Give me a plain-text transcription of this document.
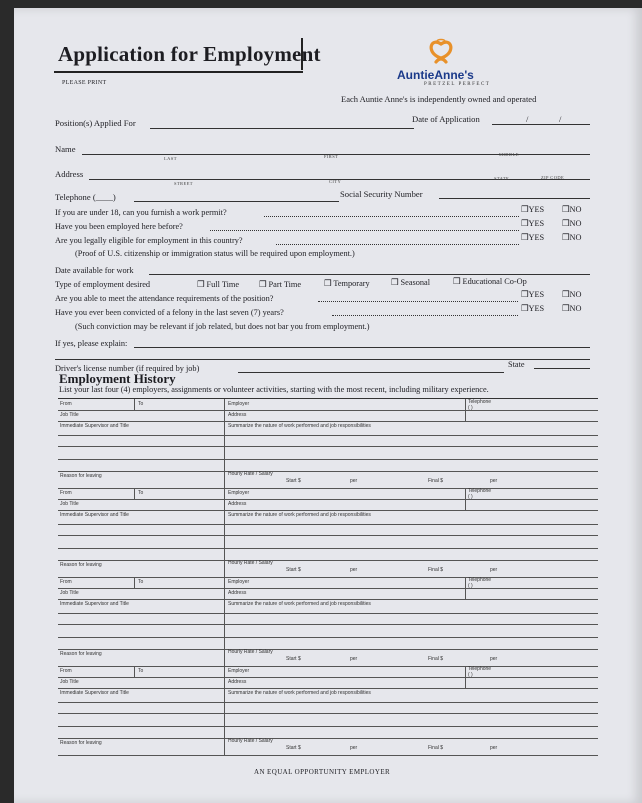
Application for Employment
PLEASE PRINT
AuntieAnne's
PRETZEL PERFECT
Each Auntie Anne's is independently owned and operated
Position(s) Applied For	Date of Application	/	/
Name
LAST	FIRST	MIDDLE
Address
STREET	CITY
STATE	ZIP CODE
Telephone (____)	Social Security Number
If you are under 18, can you furnish a work permit?	❒YES ❒NO
Have you been employed here before?	❒YES ❒NO
Are you legally eligible for employment in this country?	❒YES ❒NO
(Proof of U.S. citizenship or immigration status will be required upon employment.)
Date available for work
Type of employment desired	❒ Full Time ❒ Part Time	❒ Temporary	❒ Seasonal	❒ Educational Co-Op
Are you able to meet the attendance requirements of the position?	❒YES ❒NO
Have you ever been convicted of a felony in the last seven (7) years?	❒YES ❒NO
(Such conviction may be relevant if job related, but does not bar you from employment.)
If yes, please explain:
Driver's license number (if required by job)	State
Employment History
List your last four (4) employers, assignments or volunteer activities, starting with the most recent, including military experience.
From	To	Employer	Telephone
( )
Job Title	Address
Immediate Supervisor and Title	Summarize the nature of work performed and job responsibilities
Reason for leaving	Hourly Rate / Salary
Start $	per	Final $	per
From	To	Employer	Telephone
( )
Job Title	Address
Immediate Supervisor and Title	Summarize the nature of work performed and job responsibilities
Reason for leaving	Hourly Rate / Salary
Start $	per	Final $	per
From	To	Employer	Telephone
( )
Job Title	Address
Immediate Supervisor and Title	Summarize the nature of work performed and job responsibilities
Reason for leaving	Hourly Rate / Salary
Start $	per	Final $	per
From	To	Employer	Telephone
( )
Job Title	Address
Immediate Supervisor and Title	Summarize the nature of work performed and job responsibilities
Reason for leaving	Hourly Rate / Salary
Start $	per	Final $	per
AN EQUAL OPPORTUNITY EMPLOYER
